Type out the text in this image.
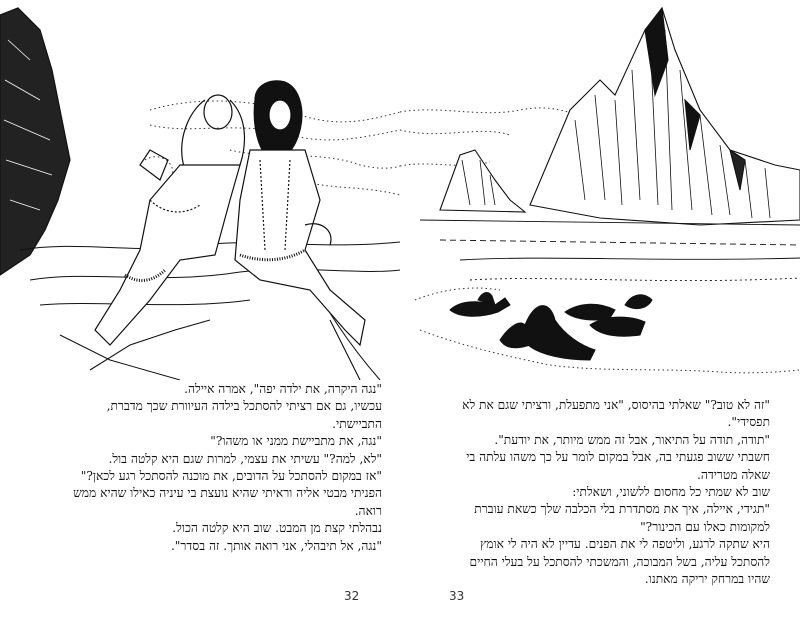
"נגה היקרה, את ילדה יפה", אמרה איילה.

עכשיו, גם אם רציתי להסתכל בילדה העיוורת שכך מדברת,

התביישתי.

"נגה, את מתביישת ממני או משהו?"

"לא, למה?" עשיתי את עצמי, למרות שגם היא קלטה בול.

"אז במקום להסתכל על הדובים, את מוכנה להסתכל רגע לכאן?"

הפניתי מבטי אליה וראיתי שהיא נועצת בי עיניה כאילו שהיא ממש

רואה.

נבהלתי קצת מן המבט. שוב היא קלטה הכול.

"נגה, אל תיבהלי, אני רואה אותך. זה בסדר".

32

"זה לא טוב?" שאלתי בהיסוס, "אני מתפעלת, ורציתי שגם את לא

תפסידי".

"תודה, תודה על התיאור, אבל זה ממש מיותר, את יודעת".

חשבתי ששוב פגעתי בה, אבל במקום לומר על כך משהו עלתה בי

שאלה מטרידה.

שוב לא שמתי כל מחסום ללשוני, ושאלתי:

"תגידי, איילה, איך את מסתדרת בלי הכלבה שלך כשאת עוברת

למקומות כאלו עם הכינור?"

היא שתקה לרגע, וליטפה לי את הפנים. עדיין לא היה לי אומץ

להסתכל עליה, בשל המבוכה, והמשכתי להסתכל על בעלי החיים

שהיו במרחק יריקה מאתנו.

33
